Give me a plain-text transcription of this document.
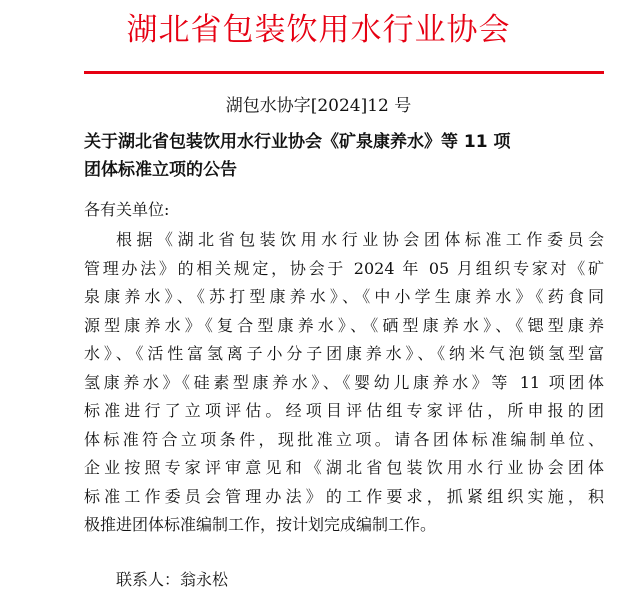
湖北省包装饮用水行业协会
湖包水协字[2024]12 号
关于湖北省包装饮用水行业协会《矿泉康养水》等 11 项
团体标准立项的公告
各有关单位:
根据《湖北省包装饮用水行业协会团体标准工作委员会
管理办法》的相关规定，协会于 2024 年 05 月组织专家对《矿
泉康养水》、《苏打型康养水》、《中小学生康养水》《药食同
源型康养水》《复合型康养水》、《硒型康养水》、《锶型康养
水》、《活性富氢离子小分子团康养水》、《纳米气泡锁氢型富
氢康养水》《硅素型康养水》、《婴幼儿康养水》等 11 项团体
标准进行了立项评估。经项目评估组专家评估，所申报的团
体标准符合立项条件，现批准立项。请各团体标准编制单位、
企业按照专家评审意见和《湖北省包装饮用水行业协会团体
标准工作委员会管理办法》的工作要求，抓紧组织实施，积
极推进团体标准编制工作，按计划完成编制工作。
联系人：翁永松
